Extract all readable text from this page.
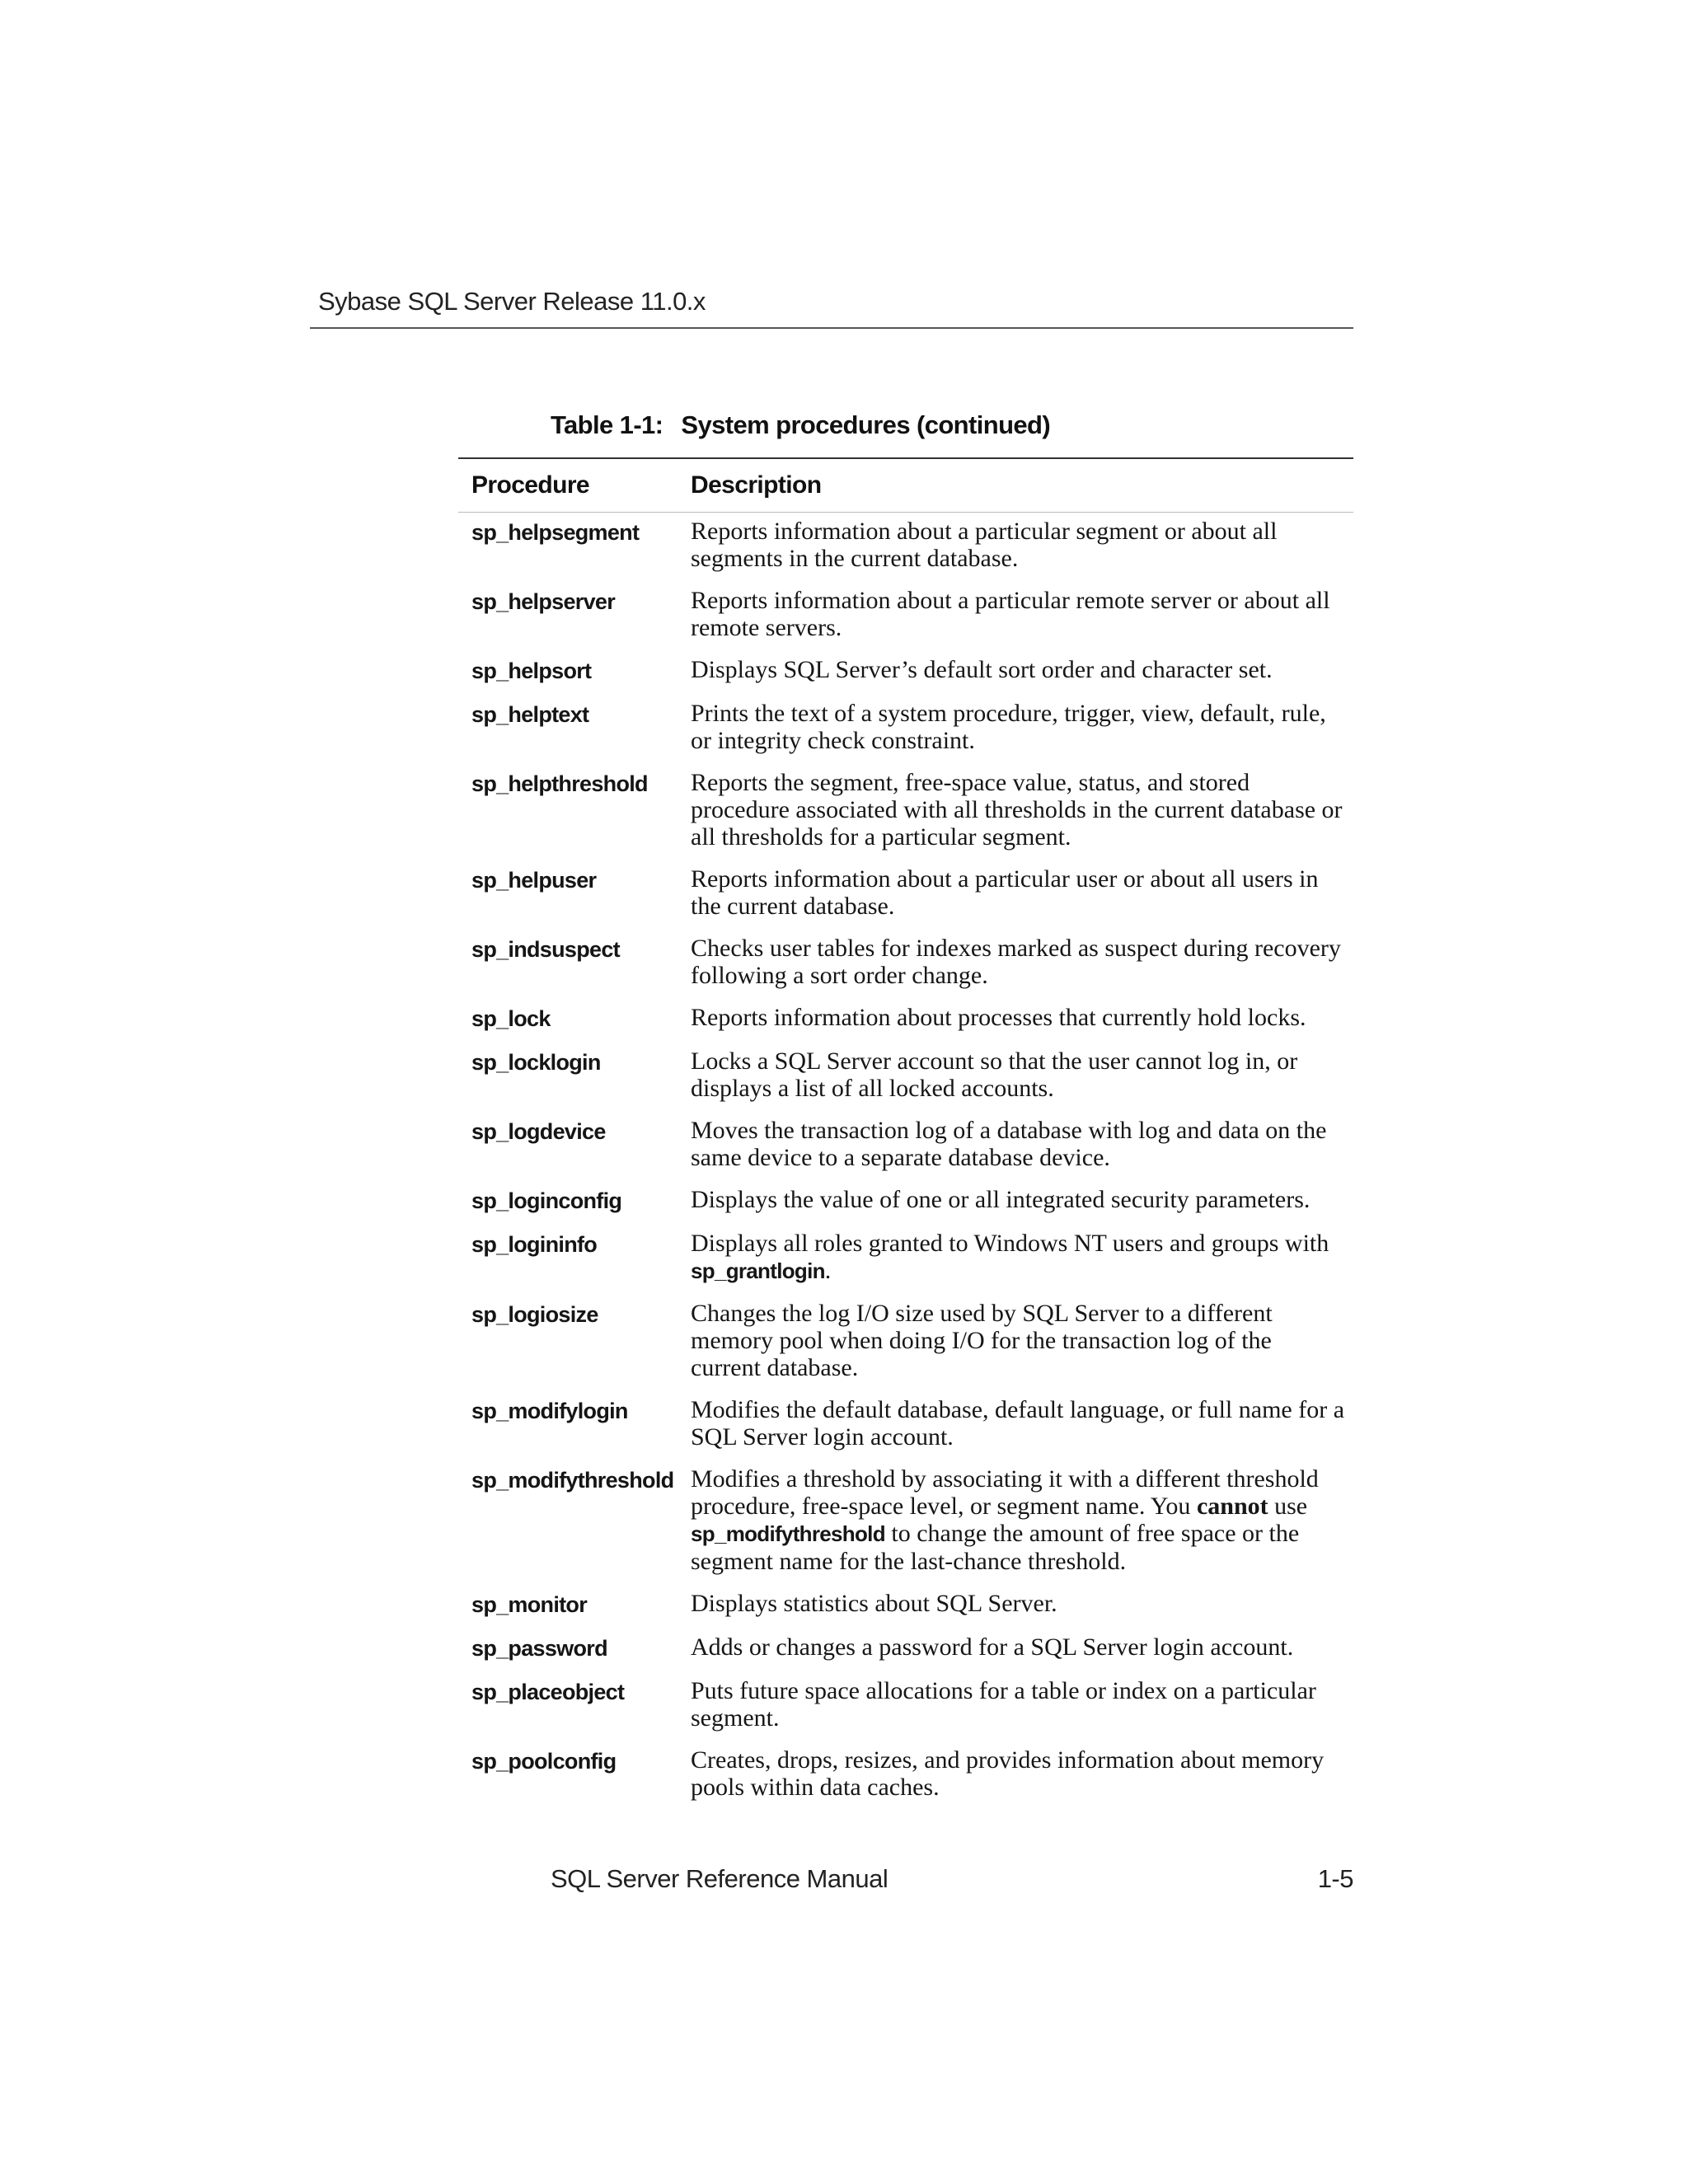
Sybase SQL Server Release 11.0.x
Table 1-1: System procedures (continued)
Procedure	Description
sp_helpsegment	Reports information about a particular segment or about all segments in the current database.
sp_helpserver	Reports information about a particular remote server or about all remote servers.
sp_helpsort	Displays SQL Server’s default sort order and character set.
sp_helptext	Prints the text of a system procedure, trigger, view, default, rule, or integrity check constraint.
sp_helpthreshold	Reports the segment, free-space value, status, and stored procedure associated with all thresholds in the current database or all thresholds for a particular segment.
sp_helpuser	Reports information about a particular user or about all users in the current database.
sp_indsuspect	Checks user tables for indexes marked as suspect during recovery following a sort order change.
sp_lock	Reports information about processes that currently hold locks.
sp_locklogin	Locks a SQL Server account so that the user cannot log in, or displays a list of all locked accounts.
sp_logdevice	Moves the transaction log of a database with log and data on the same device to a separate database device.
sp_loginconfig	Displays the value of one or all integrated security parameters.
sp_logininfo	Displays all roles granted to Windows NT users and groups with sp_grantlogin.
sp_logiosize	Changes the log I/O size used by SQL Server to a different memory pool when doing I/O for the transaction log of the current database.
sp_modifylogin	Modifies the default database, default language, or full name for a SQL Server login account.
sp_modifythreshold Modifies a threshold by associating it with a different threshold procedure, free-space level, or segment name. You cannot use sp_modifythreshold to change the amount of free space or the segment name for the last-chance threshold.
sp_monitor	Displays statistics about SQL Server.
sp_password	Adds or changes a password for a SQL Server login account.
sp_placeobject	Puts future space allocations for a table or index on a particular segment.
sp_poolconfig	Creates, drops, resizes, and provides information about memory pools within data caches.
SQL Server Reference Manual	1-5
